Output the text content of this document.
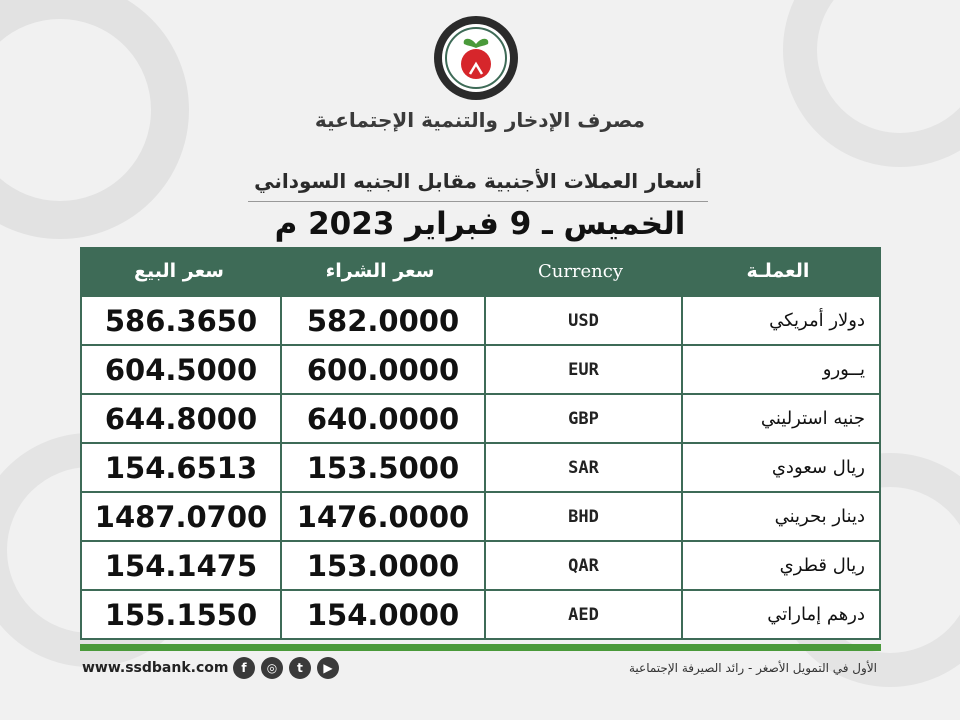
مصرف الإدخار والتنمية الإجتماعية
أسعار العملات الأجنبية مقابل الجنيه السوداني
الخميس ـ 9 فبراير 2023 م
سعر البيع	سعر الشراء	Currency	العملـة
586.3650	582.0000	USD	دولار أمريكي
604.5000	600.0000	EUR	يــورو
644.8000	640.0000	GBP	جنيه استرليني
154.6513	153.5000	SAR	ريال سعودي
1487.0700	1476.0000	BHD	دينار بحريني
154.1475	153.0000	QAR	ريال قطري
155.1550	154.0000	AED	درهم إماراتي
www.ssdbank.com	f	◎	t	▶	الأول في التمويل الأصغر - رائد الصيرفة الإجتماعية
